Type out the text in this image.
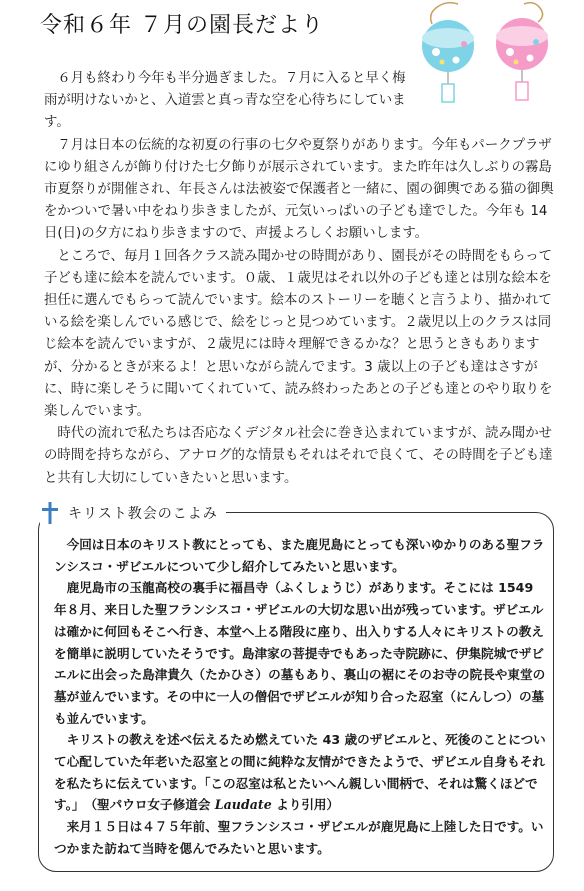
令和６年 ７月の園長だより

６月も終わり今年も半分過ぎました。７月に入ると早く梅雨が明けないかと、入道雲と真っ青な空を心待ちにしています。

７月は日本の伝統的な初夏の行事の七夕や夏祭りがあります。今年もパークプラザにゆり組さんが飾り付けた七夕飾りが展示されています。また昨年は久しぶりの霧島市夏祭りが開催され、年長さんは法被姿で保護者と一緒に、園の御輿である猫の御輿をかついで暑い中をねり歩きましたが、元気いっぱいの子ども達でした。今年も 14 日(日)の夕方にねり歩きますので、声援よろしくお願いします。

ところで、毎月１回各クラス読み聞かせの時間があり、園長がその時間をもらって子ども達に絵本を読んでいます。０歳、１歳児はそれ以外の子ども達とは別な絵本を担任に選んでもらって読んでいます。絵本のストーリーを聴くと言うより、描かれている絵を楽しんでいる感じで、絵をじっと見つめています。２歳児以上のクラスは同じ絵本を読んでいますが、２歳児には時々理解できるかな？と思うときもありますが、分かるときが来るよ！と思いながら読んでます。3 歳以上の子ども達はさすがに、時に楽しそうに聞いてくれていて、読み終わったあとの子ども達とのやり取りを楽しんでいます。

時代の流れで私たちは否応なくデジタル社会に巻き込まれていますが、読み聞かせの時間を持ちながら、アナログ的な情景もそれはそれで良くて、その時間を子ども達と共有し大切にしていきたいと思います。

キリスト教会のこよみ

今回は日本のキリスト教にとっても、また鹿児島にとっても深いゆかりのある聖フランシスコ・ザビエルについて少し紹介してみたいと思います。

鹿児島市の玉龍高校の裏手に福昌寺（ふくしょうじ）があります。そこには 1549 年８月、来日した聖フランシスコ・ザビエルの大切な思い出が残っています。ザビエルは確かに何回もそこへ行き、本堂へ上る階段に座り、出入りする人々にキリストの教えを簡単に説明していたそうです。島津家の菩提寺でもあった寺院跡に、伊集院城でザビエルに出会った島津貴久（たかひさ）の墓もあり、裏山の裾にそのお寺の院長や東堂の墓が並んでいます。その中に一人の僧侶でザビエルが知り合った忍室（にんしつ）の墓も並んでいます。

キリストの教えを述べ伝えるため燃えていた 43 歳のザビエルと、死後のことについて心配していた年老いた忍室との間に純粋な友情ができたようで、ザビエル自身もそれを私たちに伝えています。「この忍室は私とたいへん親しい間柄で、それは驚くほどです。」　（聖パウロ女子修道会 Laudate より引用）

来月１５日は４７５年前、聖フランシスコ・ザビエルが鹿児島に上陸した日です。いつかまた訪ねて当時を偲んでみたいと思います。
